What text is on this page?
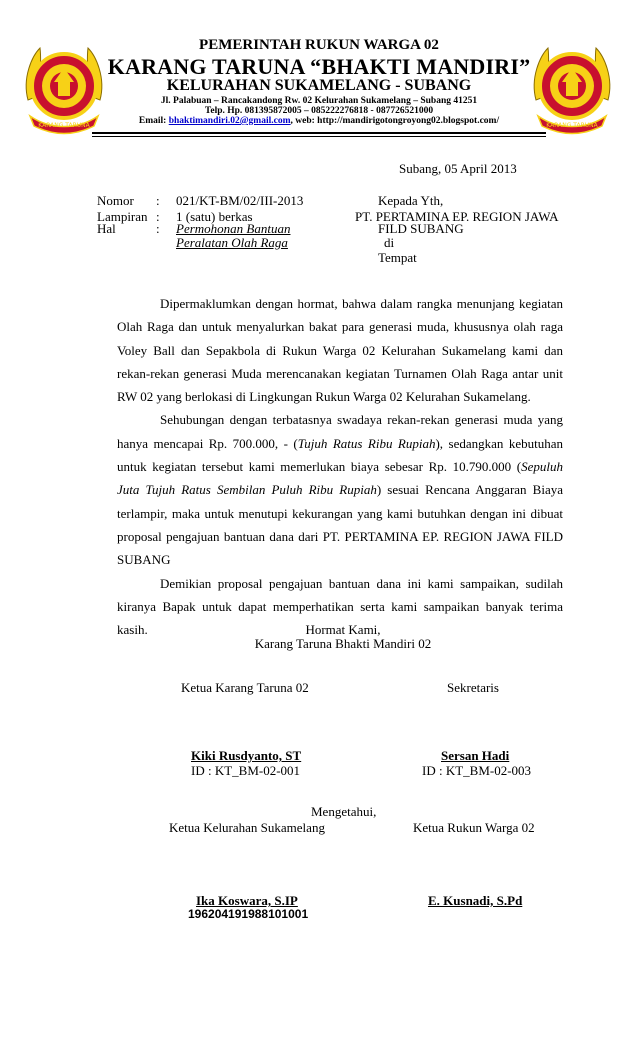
KARANG TARUNA	KARANG TARUNA
PEMERINTAH RUKUN WARGA 02
KARANG TARUNA “BHAKTI MANDIRI”
KELURAHAN SUKAMELANG - SUBANG
Jl. Palabuan – Rancakandong Rw. 02 Kelurahan Sukamelang – Subang 41251
Telp. Hp. 081395872005 – 085222276818 - 087726521000
Email: bhaktimandiri.02@gmail.com, web: http://mandirigotongroyong02.blogspot.com/
Subang, 05 April 2013
Nomor : 021/KT-BM/02/III-2013
Lampiran : 1 (satu) berkas
Hal	: Permohonan Bantuan
Peralatan Olah Raga
Kepada Yth,
PT. PERTAMINA EP. REGION JAWA
FILD SUBANG
di
Tempat

Dipermaklumkan dengan hormat, bahwa dalam rangka menunjang kegiatan Olah Raga dan untuk menyalurkan bakat para generasi muda, khususnya olah raga Voley Ball dan Sepakbola di Rukun Warga 02 Kelurahan Sukamelang kami dan rekan-rekan generasi Muda merencanakan kegiatan Turnamen Olah Raga antar unit RW 02 yang berlokasi di Lingkungan Rukun Warga 02 Kelurahan Sukamelang.

Sehubungan dengan terbatasnya swadaya rekan-rekan generasi muda yang hanya mencapai Rp. 700.000, - (Tujuh Ratus Ribu Rupiah), sedangkan kebutuhan untuk kegiatan tersebut kami memerlukan biaya sebesar Rp. 10.790.000 (Sepuluh Juta Tujuh Ratus Sembilan Puluh Ribu Rupiah) sesuai Rencana Anggaran Biaya terlampir, maka untuk menutupi kekurangan yang kami butuhkan dengan ini dibuat proposal pengajuan bantuan dana dari PT. PERTAMINA EP. REGION JAWA FILD SUBANG

Demikian proposal pengajuan bantuan dana ini kami sampaikan, sudilah kiranya Bapak untuk dapat memperhatikan serta kami sampaikan banyak terima kasih.	Hormat Kami,
Karang Taruna Bhakti Mandiri 02
Ketua Karang Taruna 02	Sekretaris
Kiki Rusdyanto, ST
ID : KT_BM-02-001
Sersan Hadi
ID : KT_BM-02-003
Mengetahui,
Ketua Kelurahan Sukamelang	Ketua Rukun Warga 02
Ika Koswara, S.IP
196204191988101001
E. Kusnadi, S.Pd
